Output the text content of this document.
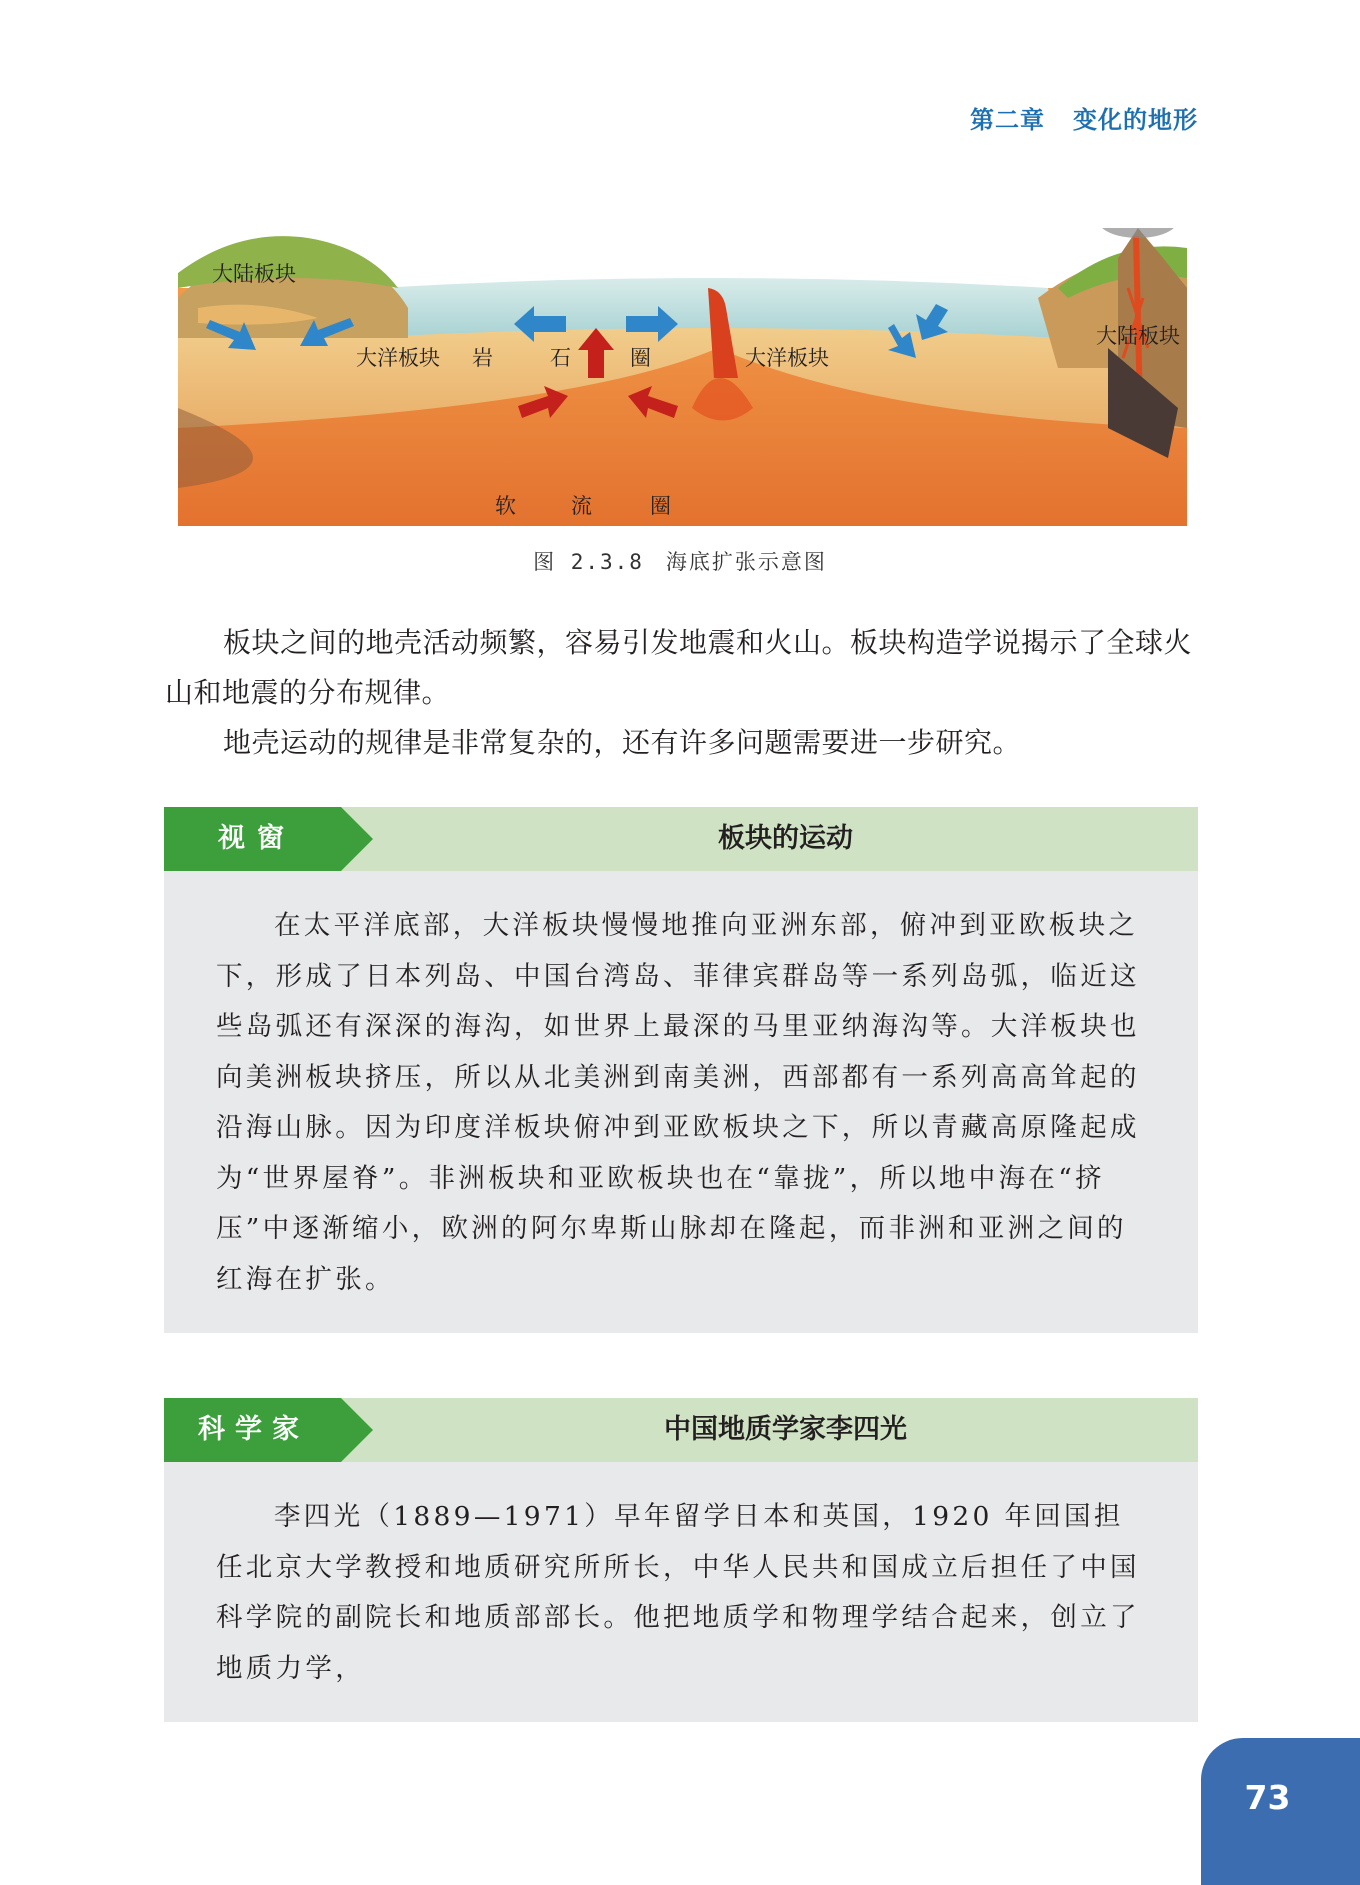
第二章 变化的地形
大陆板块
大洋板块 岩	石	圈	大洋板块
大陆板块
软	流	圈
图 2.3.8 海底扩张示意图

板块之间的地壳活动频繁，容易引发地震和火山。板块构造学说揭示了全球火山和地震的分布规律。

地壳运动的规律是非常复杂的，还有许多问题需要进一步研究。

视窗	板块的运动

在太平洋底部，大洋板块慢慢地推向亚洲东部，俯冲到亚欧板块之下，形成了日本列岛、中国台湾岛、菲律宾群岛等一系列岛弧，临近这些岛弧还有深深的海沟，如世界上最深的马里亚纳海沟等。大洋板块也向美洲板块挤压，所以从北美洲到南美洲，西部都有一系列高高耸起的沿海山脉。因为印度洋板块俯冲到亚欧板块之下，所以青藏高原隆起成为“世界屋脊”。非洲板块和亚欧板块也在“靠拢”，所以地中海在“挤压”中逐渐缩小，欧洲的阿尔卑斯山脉却在隆起，而非洲和亚洲之间的红海在扩张。

科学家	中国地质学家李四光

李四光（1889—1971）早年留学日本和英国，1920 年回国担任北京大学教授和地质研究所所长，中华人民共和国成立后担任了中国科学院的副院长和地质部部长。他把地质学和物理学结合起来，创立了地质力学，

73
